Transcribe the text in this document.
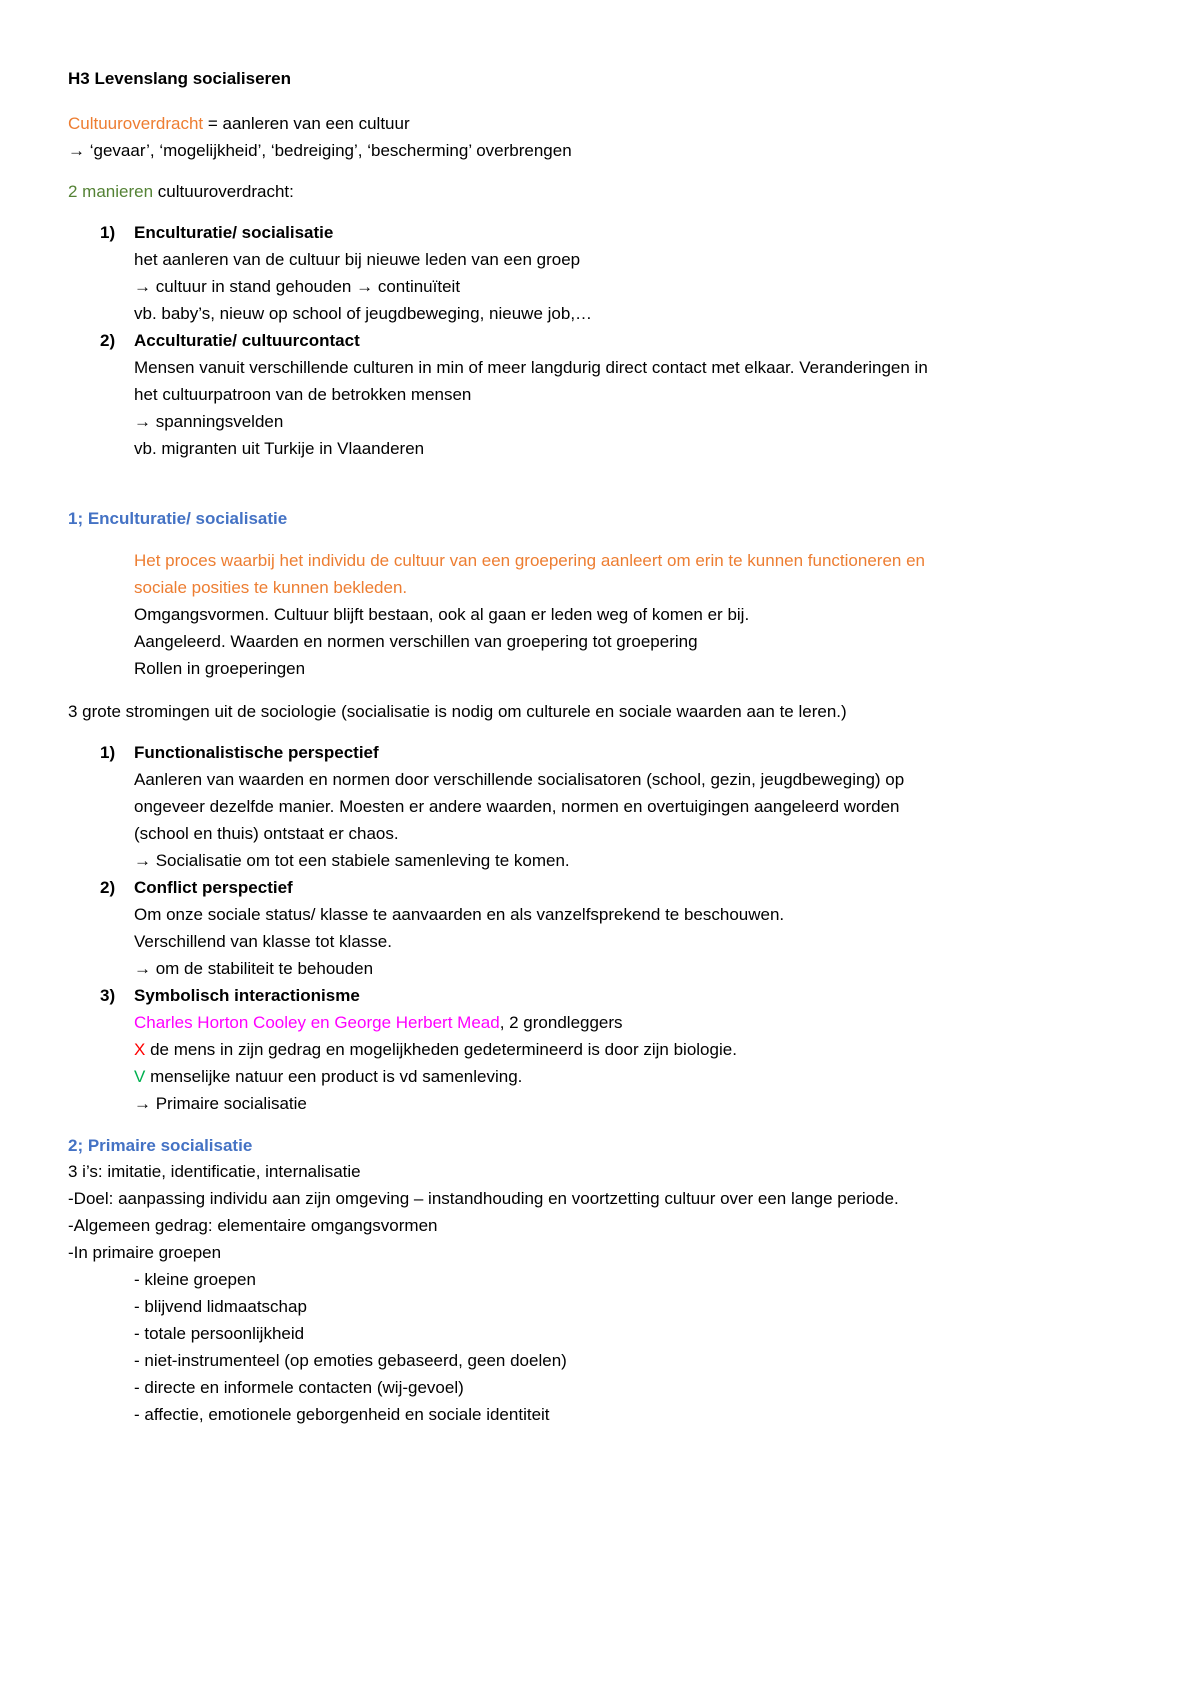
H3 Levenslang socialiseren
Cultuuroverdracht = aanleren van een cultuur
→ ‘gevaar’, ‘mogelijkheid’, ‘bedreiging’, ‘bescherming’ overbrengen
2 manieren cultuuroverdracht:
1) Enculturatie/ socialisatie
het aanleren van de cultuur bij nieuwe leden van een groep
→ cultuur in stand gehouden → continuïteit
vb. baby’s, nieuw op school of jeugdbeweging, nieuwe job,…
2) Acculturatie/ cultuurcontact
Mensen vanuit verschillende culturen in min of meer langdurig direct contact met elkaar. Veranderingen in
het cultuurpatroon van de betrokken mensen
→ spanningsvelden
vb. migranten uit Turkije in Vlaanderen
1; Enculturatie/ socialisatie
Het proces waarbij het individu de cultuur van een groepering aanleert om erin te kunnen functioneren en
sociale posities te kunnen bekleden.
Omgangsvormen. Cultuur blijft bestaan, ook al gaan er leden weg of komen er bij.
Aangeleerd. Waarden en normen verschillen van groepering tot groepering
Rollen in groeperingen
3 grote stromingen uit de sociologie (socialisatie is nodig om culturele en sociale waarden aan te leren.)
1) Functionalistische perspectief
Aanleren van waarden en normen door verschillende socialisatoren (school, gezin, jeugdbeweging) op
ongeveer dezelfde manier. Moesten er andere waarden, normen en overtuigingen aangeleerd worden
(school en thuis) ontstaat er chaos.
→ Socialisatie om tot een stabiele samenleving te komen.
2) Conflict perspectief
Om onze sociale status/ klasse te aanvaarden en als vanzelfsprekend te beschouwen.
Verschillend van klasse tot klasse.
→ om de stabiliteit te behouden
3) Symbolisch interactionisme
Charles Horton Cooley en George Herbert Mead, 2 grondleggers
X de mens in zijn gedrag en mogelijkheden gedetermineerd is door zijn biologie.
V menselijke natuur een product is vd samenleving.
→ Primaire socialisatie
2; Primaire socialisatie
3 i’s: imitatie, identificatie, internalisatie
-Doel: aanpassing individu aan zijn omgeving – instandhouding en voortzetting cultuur over een lange periode.
-Algemeen gedrag: elementaire omgangsvormen
-In primaire groepen
- kleine groepen
- blijvend lidmaatschap
- totale persoonlijkheid
- niet-instrumenteel (op emoties gebaseerd, geen doelen)
- directe en informele contacten (wij-gevoel)
- affectie, emotionele geborgenheid en sociale identiteit
